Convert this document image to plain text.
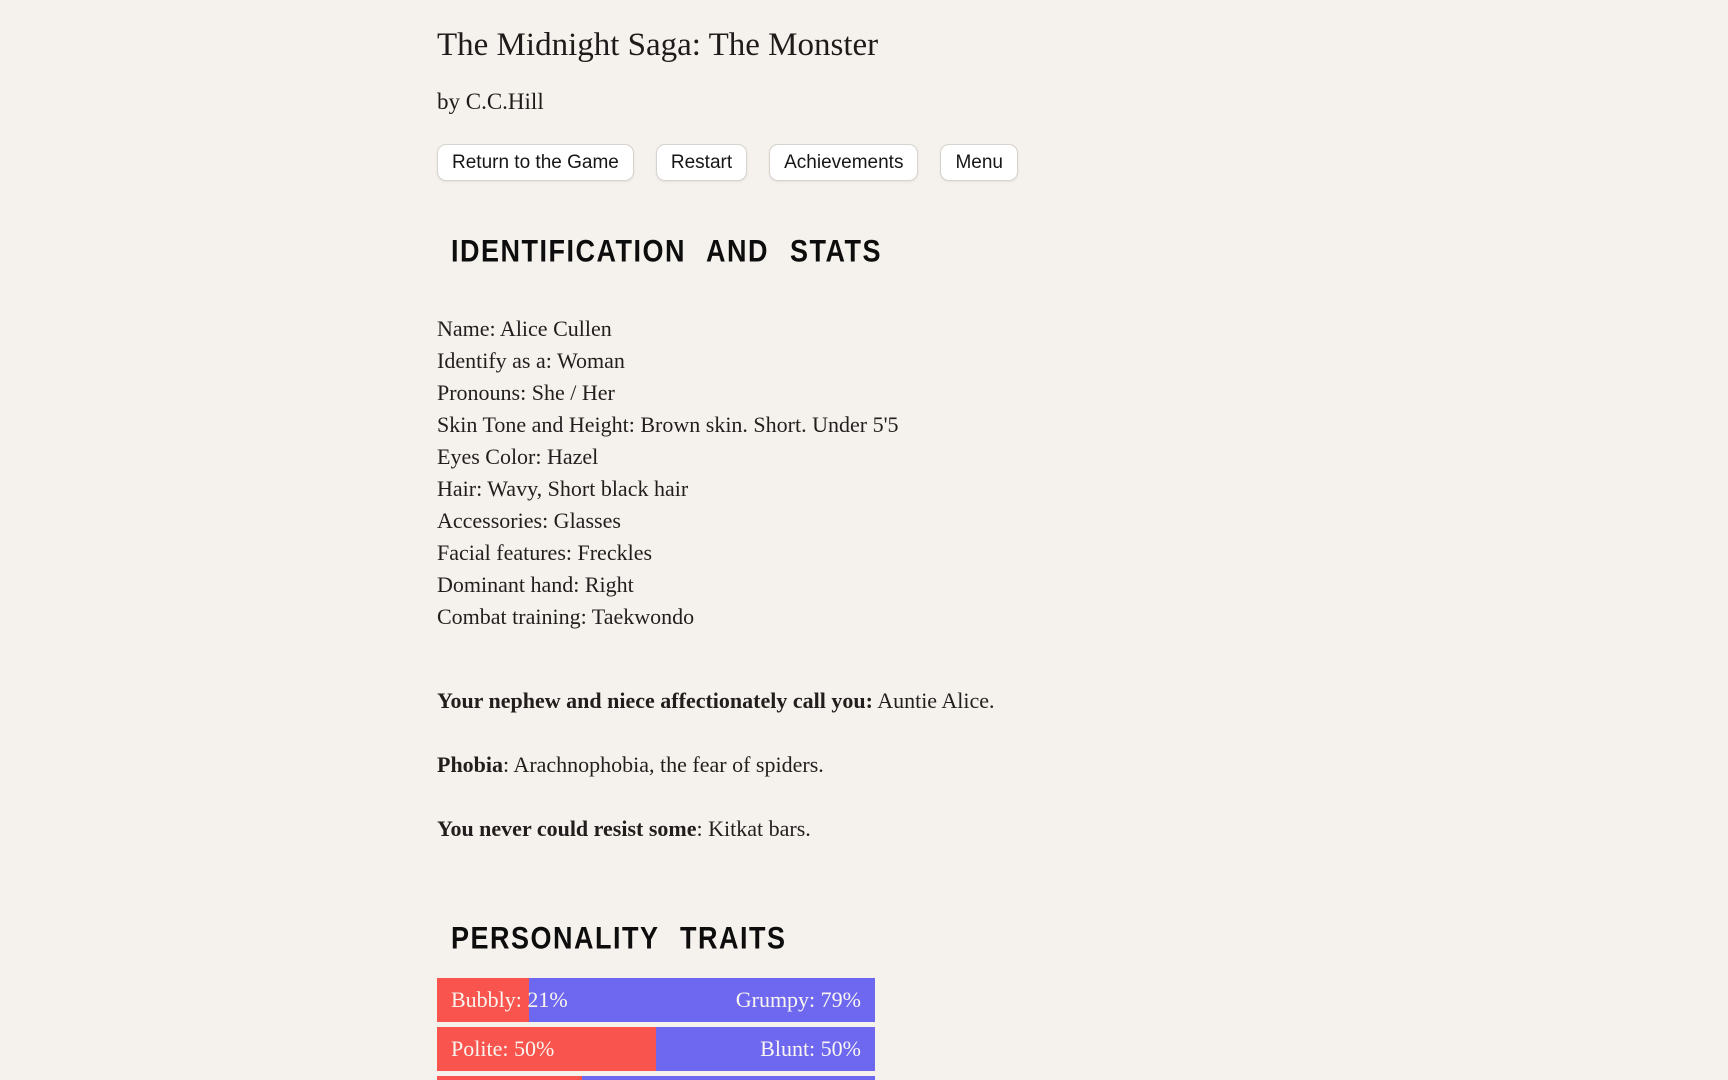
The Midnight Saga: The Monster
by C.C.Hill
Return to the Game	Restart	Achievements	Menu
IDENTIFICATION AND STATS
Name: Alice Cullen
Identify as a: Woman
Pronouns: She / Her
Skin Tone and Height: Brown skin. Short. Under 5'5
Eyes Color: Hazel
Hair: Wavy, Short black hair
Accessories: Glasses
Facial features: Freckles
Dominant hand: Right
Combat training: Taekwondo

Your nephew and niece affectionately call you: Auntie Alice.

Phobia: Arachnophobia, the fear of spiders.

You never could resist some: Kitkat bars.

PERSONALITY TRAITS
Bubbly: 21%	Grumpy: 79%
Polite: 50%	Blunt: 50%
